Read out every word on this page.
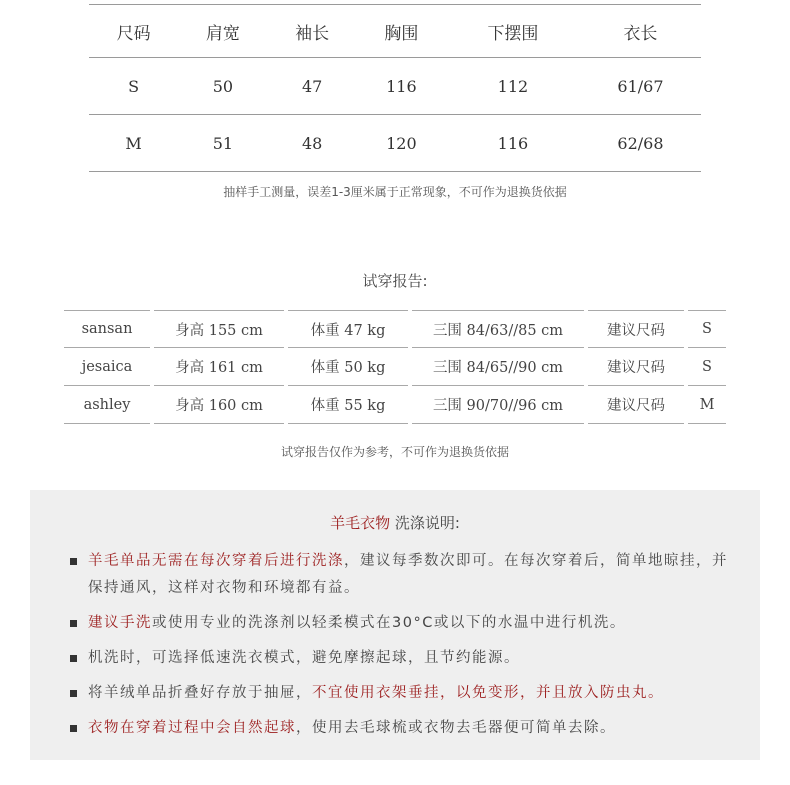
尺码	肩宽	袖长	胸围	下摆围	衣长
S	50	47	116	112	61/67
M	51	48	120	116	62/68
抽样手工测量，误差1-3厘米属于正常现象，不可作为退换货依据
试穿报告:
sansan	身高 155 cm	体重 47 kg	三围 84/63//85 cm	建议尺码	S
jesaica	身高 161 cm	体重 50 kg	三围 84/65//90 cm	建议尺码	S
ashley	身高 160 cm	体重 55 kg	三围 90/70//96 cm	建议尺码	M
试穿报告仅作为参考，不可作为退换货依据
羊毛衣物 洗涤说明:
羊毛单品无需在每次穿着后进行洗涤，建议每季数次即可。在每次穿着后，简单地晾挂，并保持通风，这样对衣物和环境都有益。
建议手洗或使用专业的洗涤剂以轻柔模式在30°C或以下的水温中进行机洗。
机洗时，可选择低速洗衣模式，避免摩擦起球，且节约能源。
将羊绒单品折叠好存放于抽屉，不宜使用衣架垂挂，以免变形，并且放入防虫丸。
衣物在穿着过程中会自然起球，使用去毛球梳或衣物去毛器便可简单去除。
